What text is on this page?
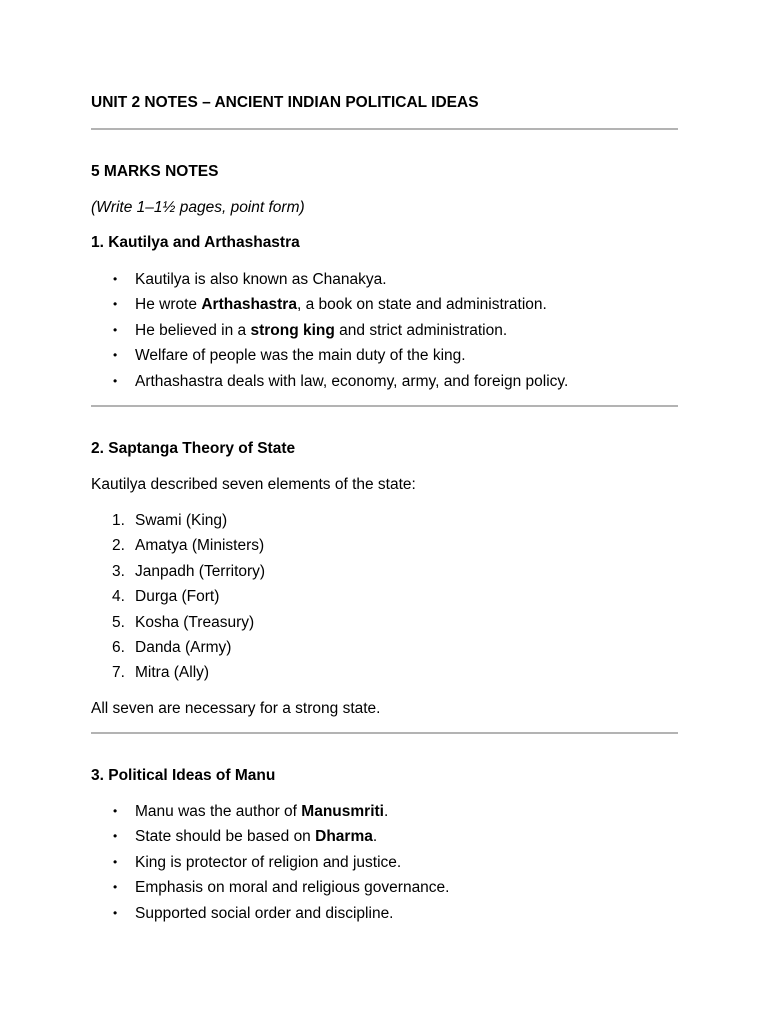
UNIT 2 NOTES – ANCIENT INDIAN POLITICAL IDEAS
5 MARKS NOTES
(Write 1–1½ pages, point form)
1. Kautilya and Arthashastra
• Kautilya is also known as Chanakya.
• He wrote Arthashastra, a book on state and administration.
• He believed in a strong king and strict administration.
• Welfare of people was the main duty of the king.
• Arthashastra deals with law, economy, army, and foreign policy.
2. Saptanga Theory of State
Kautilya described seven elements of the state:
1. Swami (King)
2. Amatya (Ministers)
3. Janpadh (Territory)
4. Durga (Fort)
5. Kosha (Treasury)
6. Danda (Army)
7. Mitra (Ally)
All seven are necessary for a strong state.
3. Political Ideas of Manu
• Manu was the author of Manusmriti.
• State should be based on Dharma.
• King is protector of religion and justice.
• Emphasis on moral and religious governance.
• Supported social order and discipline.
